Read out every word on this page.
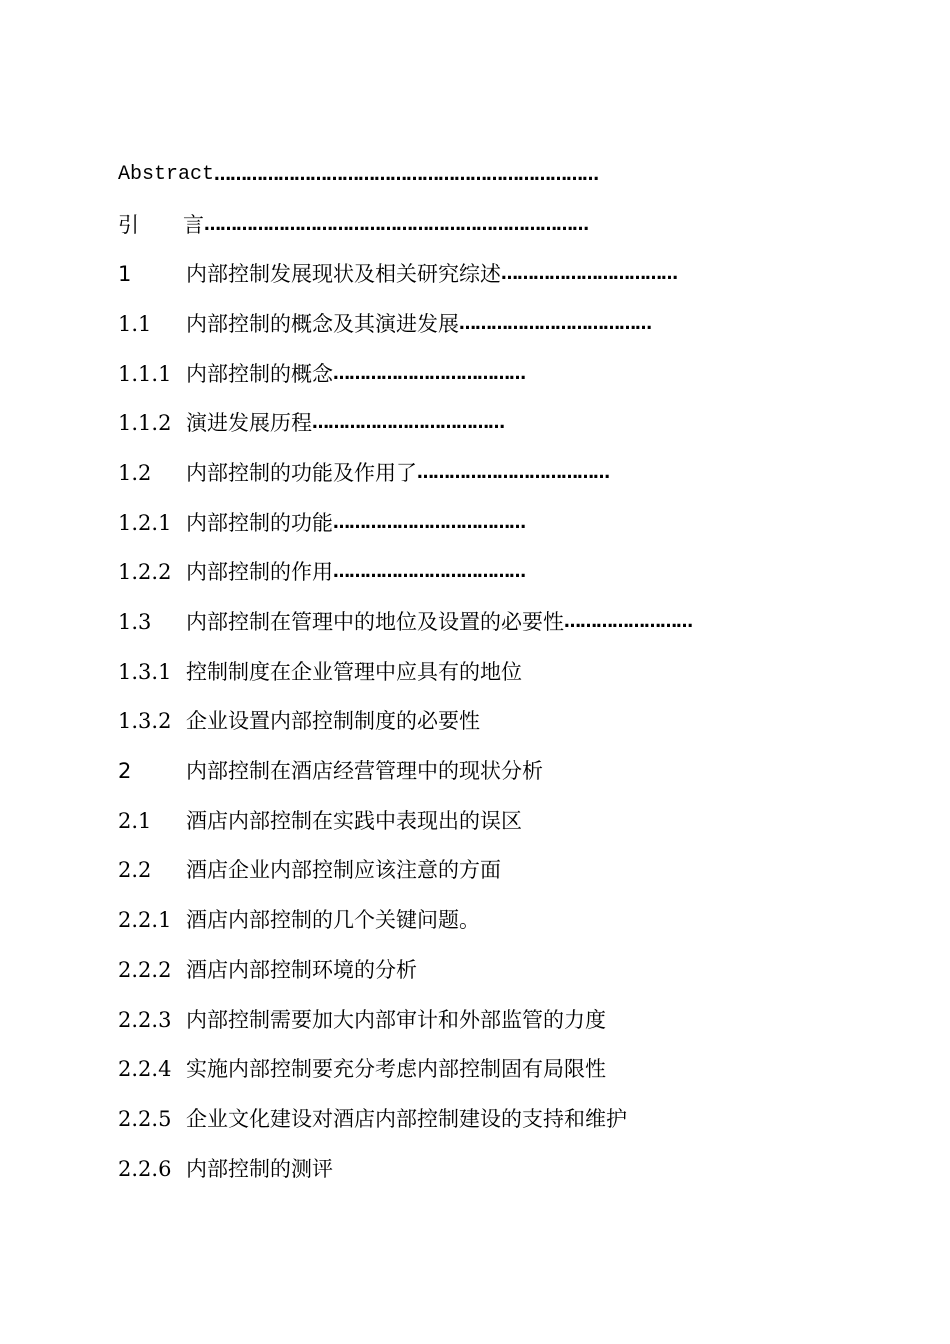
Abstract ………………………………………………………………
引 言 ………………………………………………………………
1	内部控制发展现状及相关研究综述 ……………………………
1.1	内部控制的概念及其演进发展 ………………………………
1.1.1 内部控制的概念 ………………………………
1.1.2 演进发展历程 ………………………………
1.2	内部控制的功能及作用了 ………………………………
1.2.1 内部控制的功能 ………………………………
1.2.2 内部控制的作用 ………………………………
1.3	内部控制在管理中的地位及设置的必要性 ……………………
1.3.1 控制制度在企业管理中应具有的地位
1.3.2 企业设置内部控制制度的必要性
2	内部控制在酒店经营管理中的现状分析
2.1	酒店内部控制在实践中表现出的误区
2.2	酒店企业内部控制应该注意的方面
2.2.1 酒店内部控制的几个关键问题。
2.2.2 酒店内部控制环境的分析
2.2.3 内部控制需要加大内部审计和外部监管的力度
2.2.4 实施内部控制要充分考虑内部控制固有局限性
2.2.5 企业文化建设对酒店内部控制建设的支持和维护
2.2.6 内部控制的测评
